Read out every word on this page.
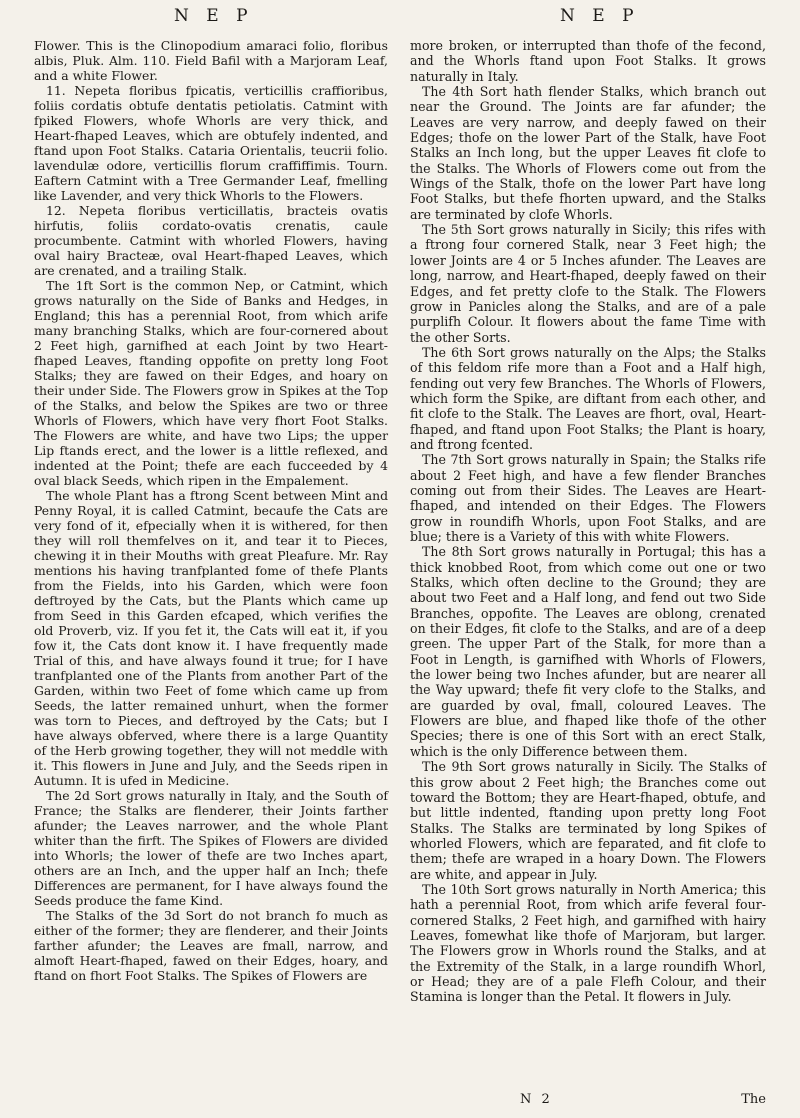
N E P	N E P

Flower. This is the Clinopodium amaraci folio, floribus albis, Pluk. Alm. 110. Field Bafil with a Marjoram Leaf, and a white Flower.

11. Nepeta floribus fpicatis, verticillis craffioribus, foliis cordatis obtufe dentatis petiolatis. Catmint with fpiked Flowers, whofe Whorls are very thick, and Heart-fhaped Leaves, which are obtufely indented, and ftand upon Foot Stalks. Cataria Orientalis, teucrii folio. lavendulæ odore, verticillis florum craffiffimis. Tourn. Eaftern Catmint with a Tree Germander Leaf, fmelling like Lavender, and very thick Whorls to the Flowers.

12. Nepeta floribus verticillatis, bracteis ovatis hirfutis, foliis cordato-ovatis crenatis, caule procumbente. Catmint with whorled Flowers, having oval hairy Bracteæ, oval Heart-fhaped Leaves, which are crenated, and a trailing Stalk.

The 1ft Sort is the common Nep, or Catmint, which grows naturally on the Side of Banks and Hedges, in England; this has a perennial Root, from which arife many branching Stalks, which are four-cornered about 2 Feet high, garnifhed at each Joint by two Heart-fhaped Leaves, ftanding oppofite on pretty long Foot Stalks; they are fawed on their Edges, and hoary on their under Side. The Flowers grow in Spikes at the Top of the Stalks, and below the Spikes are two or three Whorls of Flowers, which have very fhort Foot Stalks. The Flowers are white, and have two Lips; the upper Lip ftands erect, and the lower is a little reflexed, and indented at the Point; thefe are each fucceeded by 4 oval black Seeds, which ripen in the Empalement.

The whole Plant has a ftrong Scent between Mint and Penny Royal, it is called Catmint, becaufe the Cats are very fond of it, efpecially when it is withered, for then they will roll themfelves on it, and tear it to Pieces, chewing it in their Mouths with great Pleafure. Mr. Ray mentions his having tranfplanted fome of thefe Plants from the Fields, into his Garden, which were foon deftroyed by the Cats, but the Plants which came up from Seed in this Garden efcaped, which verifies the old Proverb, viz. If you fet it, the Cats will eat it, if you fow it, the Cats dont know it. I have frequently made Trial of this, and have always found it true; for I have tranfplanted one of the Plants from another Part of the Garden, within two Feet of fome which came up from Seeds, the latter remained unhurt, when the former was torn to Pieces, and deftroyed by the Cats; but I have always obferved, where there is a large Quantity of the Herb growing together, they will not meddle with it. This flowers in June and July, and the Seeds ripen in Autumn. It is ufed in Medicine.

The 2d Sort grows naturally in Italy, and the South of France; the Stalks are flenderer, their Joints farther afunder; the Leaves narrower, and the whole Plant whiter than the firft. The Spikes of Flowers are divided into Whorls; the lower of thefe are two Inches apart, others are an Inch, and the upper half an Inch; thefe Differences are permanent, for I have always found the Seeds produce the fame Kind.

The Stalks of the 3d Sort do not branch fo much as either of the former; they are flenderer, and their Joints farther afunder; the Leaves are fmall, narrow, and almoft Heart-fhaped, fawed on their Edges, hoary, and ftand on fhort Foot Stalks. The Spikes of Flowers are

more broken, or interrupted than thofe of the fecond, and the Whorls ftand upon Foot Stalks. It grows naturally in Italy.

The 4th Sort hath flender Stalks, which branch out near the Ground. The Joints are far afunder; the Leaves are very narrow, and deeply fawed on their Edges; thofe on the lower Part of the Stalk, have Foot Stalks an Inch long, but the upper Leaves fit clofe to the Stalks. The Whorls of Flowers come out from the Wings of the Stalk, thofe on the lower Part have long Foot Stalks, but thefe fhorten upward, and the Stalks are terminated by clofe Whorls.

The 5th Sort grows naturally in Sicily; this rifes with a ftrong four cornered Stalk, near 3 Feet high; the lower Joints are 4 or 5 Inches afunder. The Leaves are long, narrow, and Heart-fhaped, deeply fawed on their Edges, and fet pretty clofe to the Stalk. The Flowers grow in Panicles along the Stalks, and are of a pale purplifh Colour. It flowers about the fame Time with the other Sorts.

The 6th Sort grows naturally on the Alps; the Stalks of this feldom rife more than a Foot and a Half high, fending out very few Branches. The Whorls of Flowers, which form the Spike, are diftant from each other, and fit clofe to the Stalk. The Leaves are fhort, oval, Heart-fhaped, and ftand upon Foot Stalks; the Plant is hoary, and ftrong fcented.

The 7th Sort grows naturally in Spain; the Stalks rife about 2 Feet high, and have a few flender Branches coming out from their Sides. The Leaves are Heart-fhaped, and intended on their Edges. The Flowers grow in roundifh Whorls, upon Foot Stalks, and are blue; there is a Variety of this with white Flowers.

The 8th Sort grows naturally in Portugal; this has a thick knobbed Root, from which come out one or two Stalks, which often decline to the Ground; they are about two Feet and a Half long, and fend out two Side Branches, oppofite. The Leaves are oblong, crenated on their Edges, fit clofe to the Stalks, and are of a deep green. The upper Part of the Stalk, for more than a Foot in Length, is garnifhed with Whorls of Flowers, the lower being two Inches afunder, but are nearer all the Way upward; thefe fit very clofe to the Stalks, and are guarded by oval, fmall, coloured Leaves. The Flowers are blue, and fhaped like thofe of the other Species; there is one of this Sort with an erect Stalk, which is the only Difference between them.

The 9th Sort grows naturally in Sicily. The Stalks of this grow about 2 Feet high; the Branches come out toward the Bottom; they are Heart-fhaped, obtufe, and but little indented, ftanding upon pretty long Foot Stalks. The Stalks are terminated by long Spikes of whorled Flowers, which are feparated, and fit clofe to them; thefe are wraped in a hoary Down. The Flowers are white, and appear in July.

The 10th Sort grows naturally in North America; this hath a perennial Root, from which arife feveral four-cornered Stalks, 2 Feet high, and garnifhed with hairy Leaves, fomewhat like thofe of Marjoram, but larger. The Flowers grow in Whorls round the Stalks, and at the Extremity of the Stalk, in a large roundifh Whorl, or Head; they are of a pale Flefh Colour, and their Stamina is longer than the Petal. It flowers in July.

N 2	The
